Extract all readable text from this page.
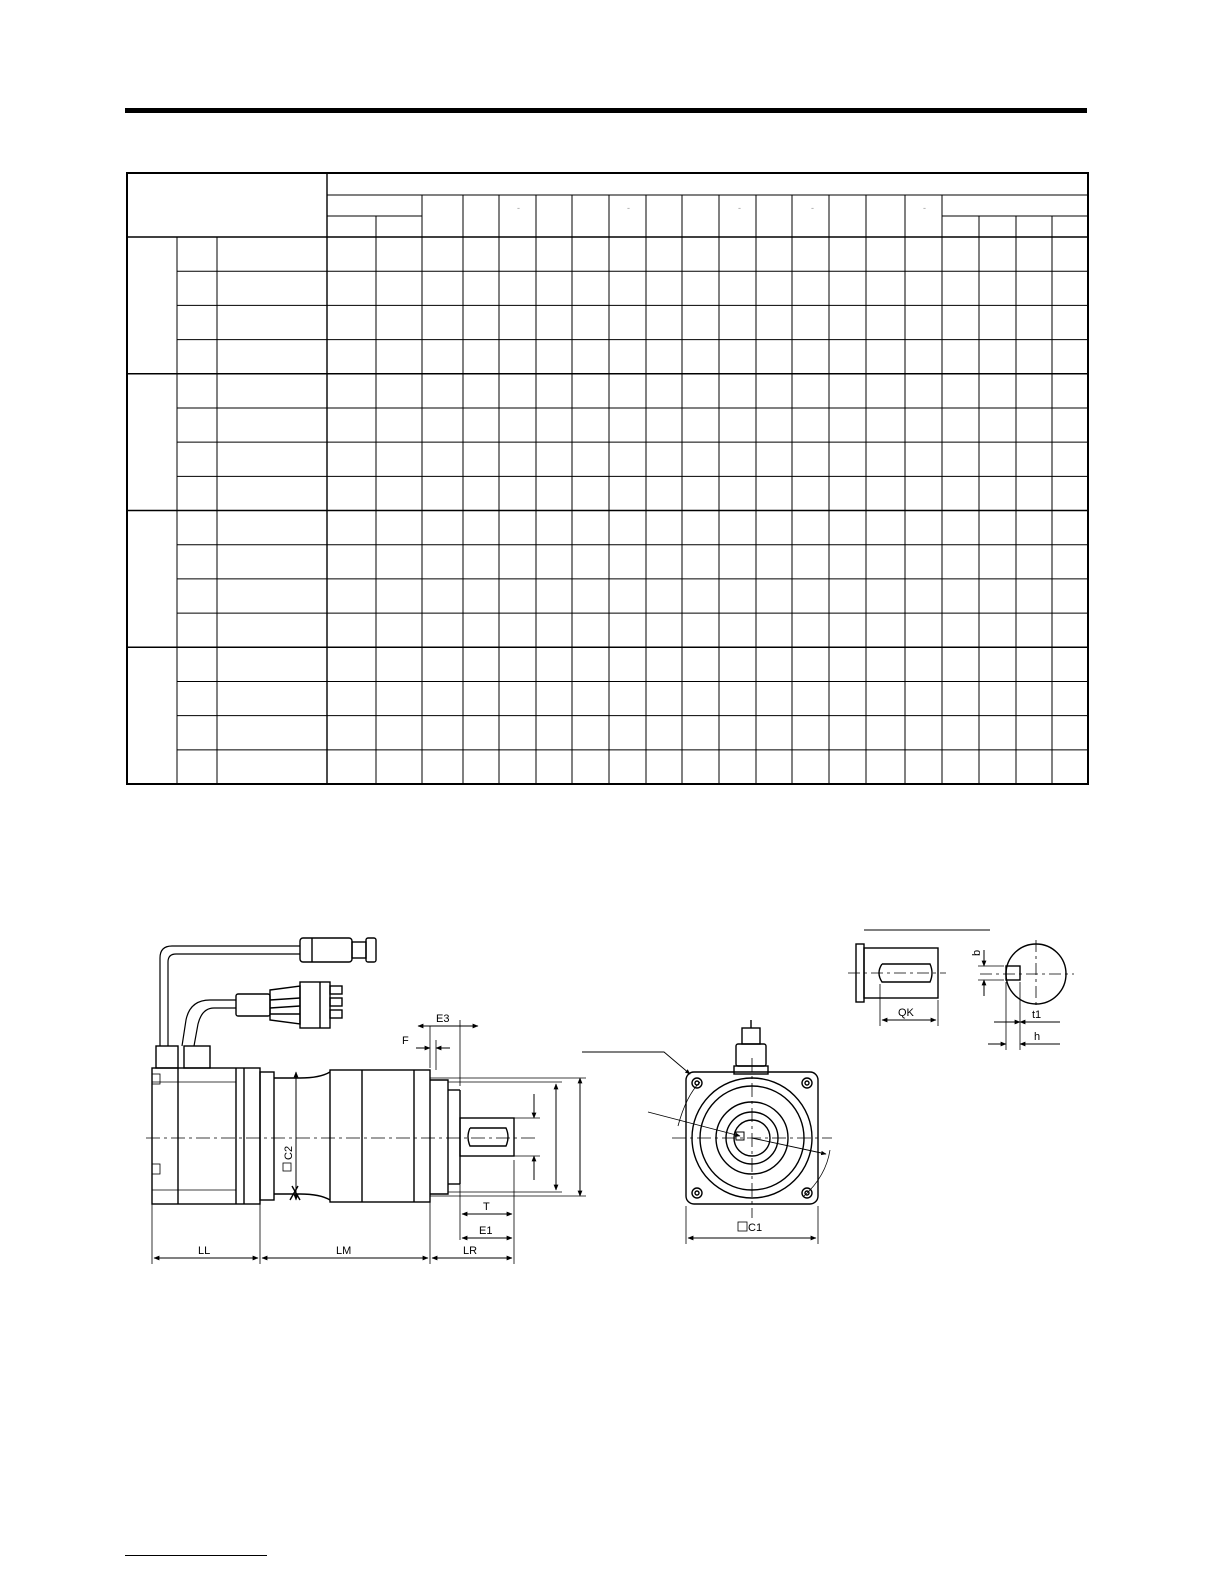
-	-	-	-	-
E3
F
C2
T
E1
LL	LM	LR
C1
QK
b
t1
h
